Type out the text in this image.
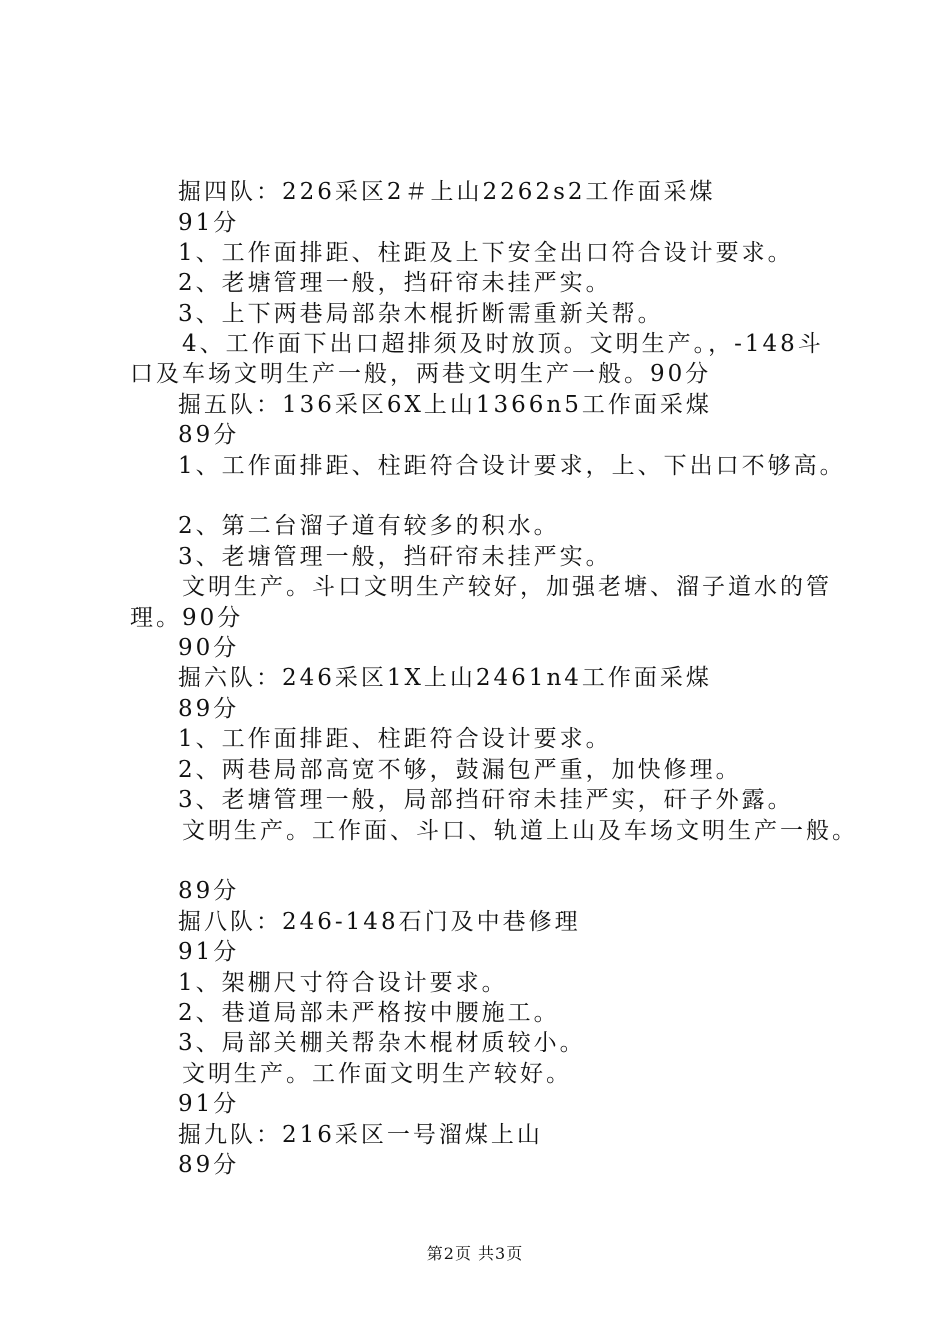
掘四队：226采区2＃上山2262s2工作面采煤
91分
1、工作面排距、柱距及上下安全出口符合设计要求。
2、老塘管理一般，挡矸帘未挂严实。
3、上下两巷局部杂木棍折断需重新关帮。
4、工作面下出口超排须及时放顶。文明生产。，-148斗
口及车场文明生产一般，两巷文明生产一般。90分
掘五队：136采区6X上山1366n5工作面采煤
89分
1、工作面排距、柱距符合设计要求，上、下出口不够高。
2、第二台溜子道有较多的积水。
3、老塘管理一般，挡矸帘未挂严实。
文明生产。斗口文明生产较好，加强老塘、溜子道水的管
理。90分
90分
掘六队：246采区1X上山2461n4工作面采煤
89分
1、工作面排距、柱距符合设计要求。
2、两巷局部高宽不够，鼓漏包严重，加快修理。
3、老塘管理一般，局部挡矸帘未挂严实，矸子外露。
文明生产。工作面、斗口、轨道上山及车场文明生产一般。
89分
掘八队：246-148石门及中巷修理
91分
1、架棚尺寸符合设计要求。
2、巷道局部未严格按中腰施工。
3、局部关棚关帮杂木棍材质较小。
文明生产。工作面文明生产较好。
91分
掘九队：216采区一号溜煤上山
89分
第2页 共3页
